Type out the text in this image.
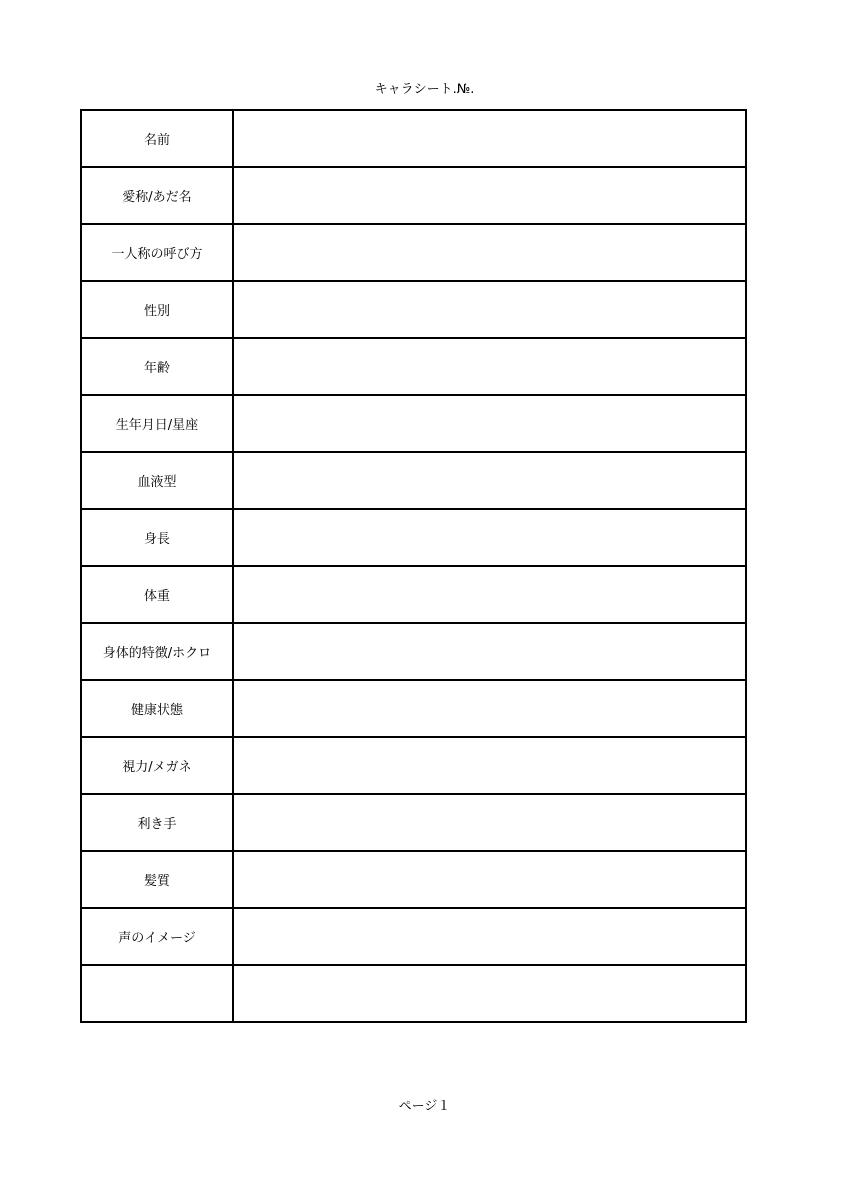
キャラシート.№.
名前	
愛称/あだ名	
一人称の呼び方	
性別	
年齢	
生年月日/星座	
血液型	
身長	
体重	
身体的特徴/ホクロ	
健康状態	
視力/メガネ	
利き手	
髪質	
声のイメージ	

ページ１
